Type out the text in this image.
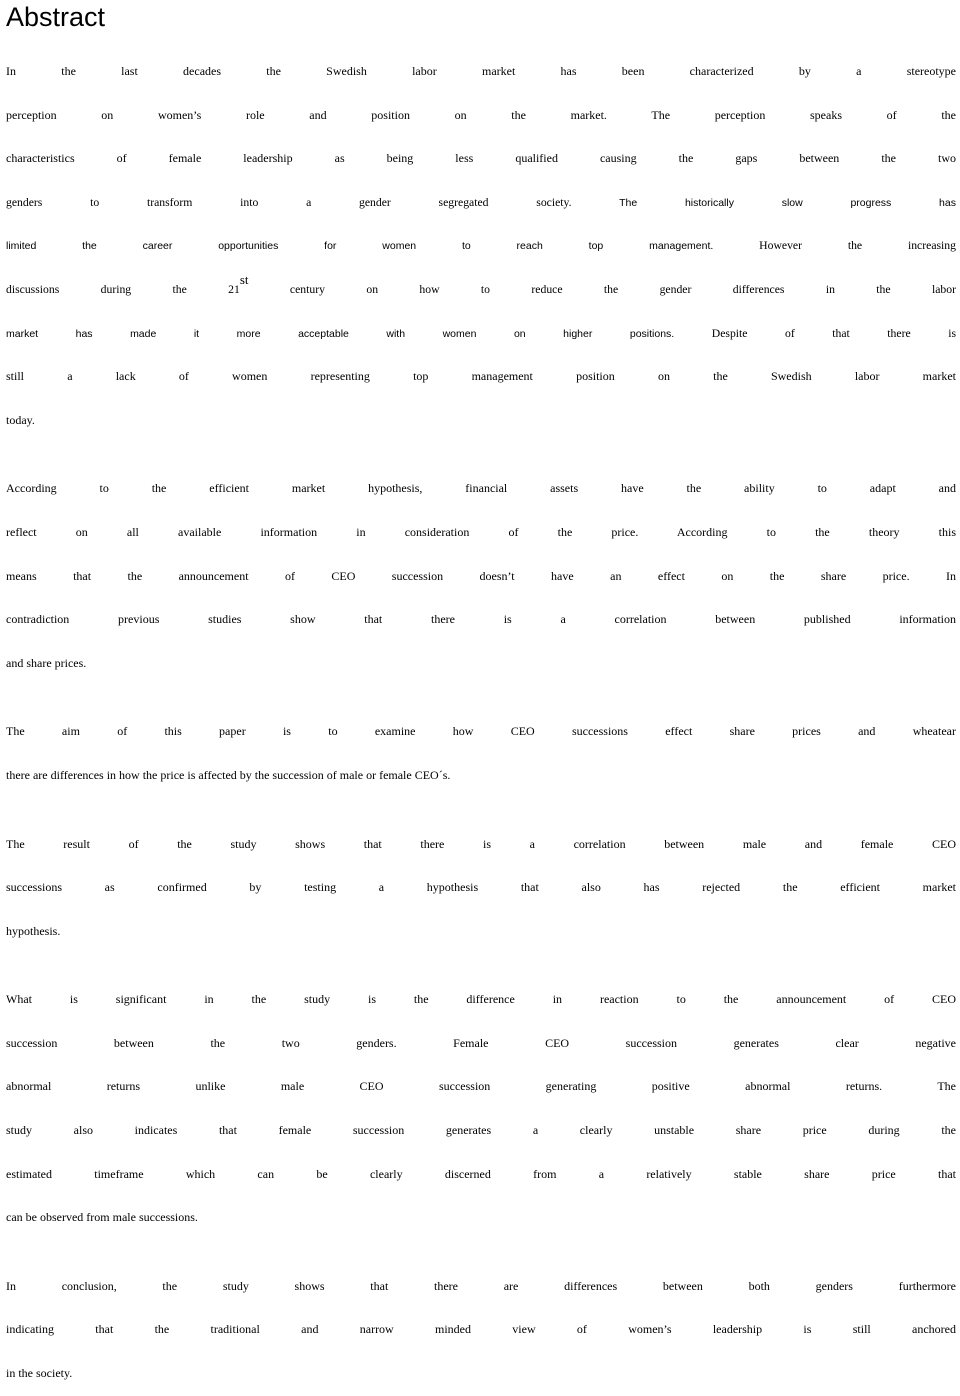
Abstract
In the last decades the Swedish labor market has been characterized by a stereotype
perception on women’s role and position on the market. The perception speaks of the
characteristics of female leadership as being less qualified causing the gaps between the two
genders to transform into a gender segregated society. The historically slow progress has
limited the career opportunities for women to reach top management. However the increasing
discussions during the 21st century on how to reduce the gender differences in the labor
market has made it more acceptable with women on higher positions. Despite of that there is
still a lack of women representing top management position on the Swedish labor market
today.
According to the efficient market hypothesis, financial assets have the ability to adapt and
reflect on all available information in consideration of the price. According to the theory this
means that the announcement of CEO succession doesn’t have an effect on the share price. In
contradiction previous studies show that there is a correlation between published information
and share prices.
The aim of this paper is to examine how CEO successions effect share prices and wheatear
there are differences in how the price is affected by the succession of male or female CEO´s.
The result of the study shows that there is a correlation between male and female CEO
successions as confirmed by testing a hypothesis that also has rejected the efficient market
hypothesis.
What is significant in the study is the difference in reaction to the announcement of CEO
succession between the two genders. Female CEO succession generates clear negative
abnormal returns unlike male CEO succession generating positive abnormal returns. The
study also indicates that female succession generates a clearly unstable share price during the
estimated timeframe which can be clearly discerned from a relatively stable share price that
can be observed from male successions.
In conclusion, the study shows that there are differences between both genders furthermore
indicating that the traditional and narrow minded view of women’s leadership is still anchored
in the society.
